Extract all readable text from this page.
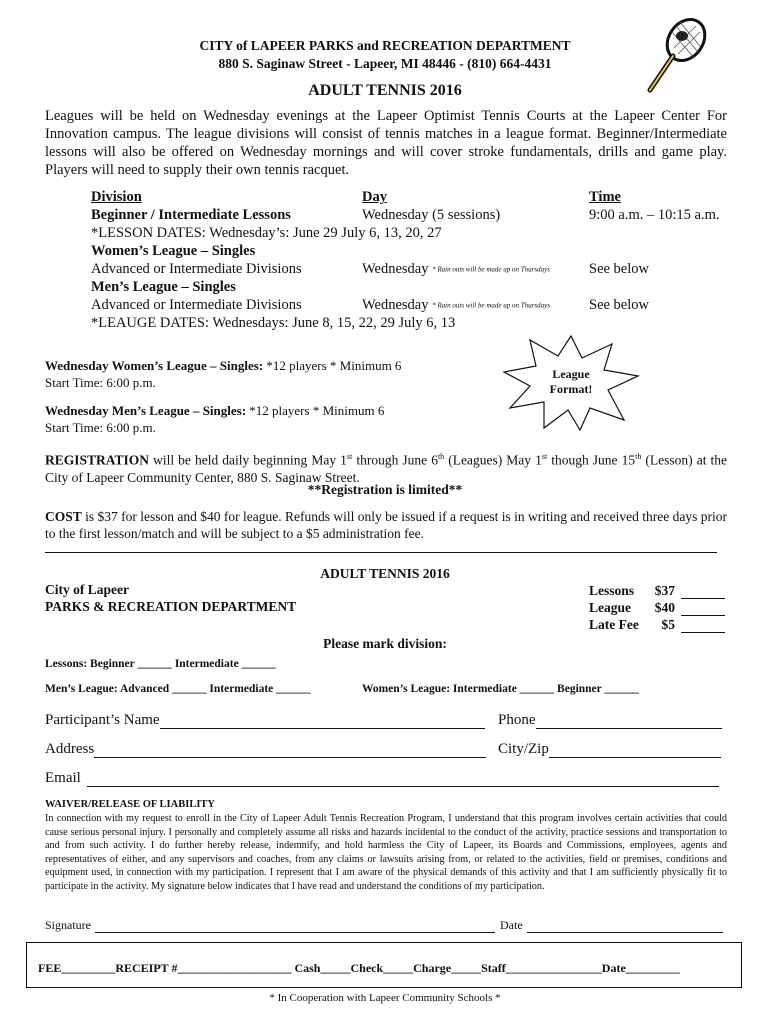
CITY of LAPEER PARKS and RECREATION DEPARTMENT
880 S. Saginaw Street - Lapeer, MI 48446 - (810) 664-4431
ADULT TENNIS 2016
Leagues will be held on Wednesday evenings at the Lapeer Optimist Tennis Courts at the Lapeer Center For Innovation campus. The league divisions will consist of tennis matches in a league format. Beginner/Intermediate lessons will also be offered on Wednesday mornings and will cover stroke fundamentals, drills and game play. Players will need to supply their own tennis racquet.
Division	Day	Time
Beginner / Intermediate Lessons	Wednesday (5 sessions)	9:00 a.m. – 10:15 a.m.
*LESSON DATES: Wednesday’s: June 29 July 6, 13, 20, 27
Women’s League – Singles
Advanced or Intermediate Divisions	Wednesday * Rain outs will be made up on Thursdays	See below
Men’s League – Singles
Advanced or Intermediate Divisions	Wednesday * Rain outs will be made up on Thursdays	See below
*LEAUGE DATES: Wednesdays: June 8, 15, 22, 29 July 6, 13
League
Format!
Wednesday Women’s League – Singles: *12 players * Minimum 6
Start Time: 6:00 p.m.
Wednesday Men’s League – Singles: *12 players * Minimum 6
Start Time: 6:00 p.m.
REGISTRATION will be held daily beginning May 1st through June 6th (Leagues) May 1st though June 15th (Lesson) at the City of Lapeer Community Center, 880 S. Saginaw Street.
**Registration is limited**
COST is $37 for lesson and $40 for league. Refunds will only be issued if a request is in writing and received three days prior to the first lesson/match and will be subject to a $5 administration fee.
ADULT TENNIS 2016
City of Lapeer
PARKS & RECREATION DEPARTMENT
Lessons	$37
League	$40
Late Fee	$5
Please mark division:
Lessons: Beginner ______ Intermediate ______
Men’s League: Advanced ______ Intermediate ______	Women’s League: Intermediate ______ Beginner ______
Participant’s Name	Phone
Address	City/Zip
Email
WAIVER/RELEASE OF LIABILITY
In connection with my request to enroll in the City of Lapeer Adult Tennis Recreation Program, I understand that this program involves certain activities that could cause serious personal injury. I personally and completely assume all risks and hazards incidental to the conduct of the activity, practice sessions and transportation to and from such activity. I do further hereby release, indemnify, and hold harmless the City of Lapeer, its Boards and Commissions, employees, agents and representatives of either, and any supervisors and coaches, from any claims or lawsuits arising from, or related to the activities, field or premises, conditions and equipment used, in connection with my participation. I represent that I am aware of the physical demands of this activity and that I am sufficiently physically fit to participate in the activity. My signature below indicates that I have read and understand the conditions of my participation.
Signature	Date
FEE_________RECEIPT #___________________ Cash_____Check_____Charge_____Staff________________Date_________
* In Cooperation with Lapeer Community Schools *
